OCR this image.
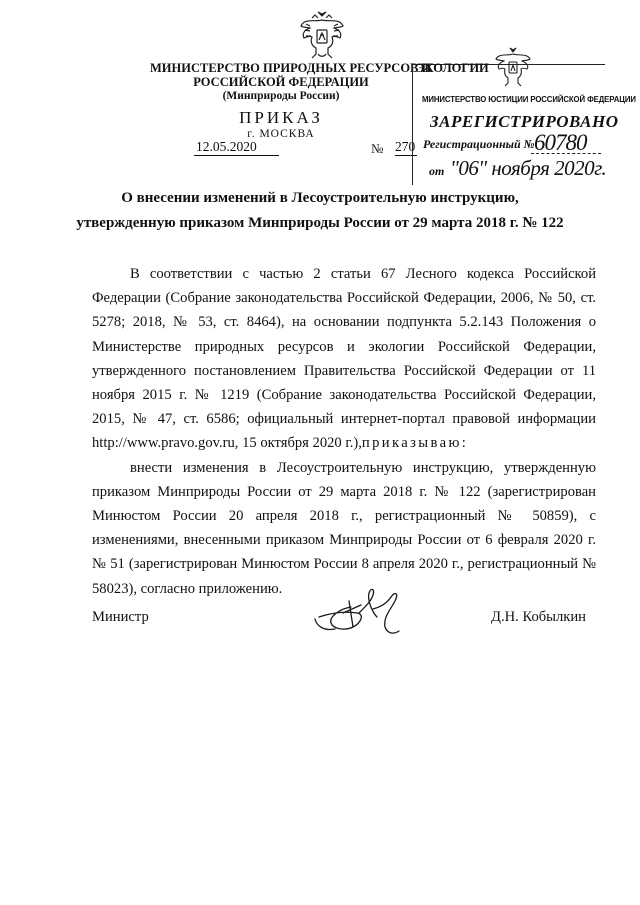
МИНИСТЕРСТВО ПРИРОДНЫХ РЕСУРСОВ И
РОССИЙСКОЙ ФЕДЕРАЦИИ
(Минприроды России)
ПРИКАЗ
г. МОСКВА
12.05.2020	№ 270
ЭКОЛОГИИ
МИНИСТЕРСТВО ЮСТИЦИИ РОССИЙСКОЙ ФЕДЕРАЦИИ
ЗАРЕГИСТРИРОВАНО
Регистрационный № 60780
от "06" ноября 2020г.
О внесении изменений в Лесоустроительную инструкцию,
утвержденную приказом Минприроды России от 29 марта 2018 г. № 122

В соответствии с частью 2 статьи 67 Лесного кодекса Российской Федерации (Собрание законодательства Российской Федерации, 2006, № 50, ст. 5278; 2018, № 53, ст. 8464), на основании подпункта 5.2.143 Положения о Министерстве природных ресурсов и экологии Российской Федерации, утвержденного постановлением Правительства Российской Федерации от 11 ноября 2015 г. № 1219 (Собрание законодательства Российской Федерации, 2015, № 47, ст. 6586; официальный интернет-портал правовой информации http://www.pravo.gov.ru, 15 октября 2020 г.),приказываю:

внести изменения в Лесоустроительную инструкцию, утвержденную приказом Минприроды России от 29 марта 2018 г. № 122 (зарегистрирован Минюстом России 20 апреля 2018 г., регистрационный № 50859), с изменениями, внесенными приказом Минприроды России от 6 февраля 2020 г. № 51 (зарегистрирован Минюстом России 8 апреля 2020 г., регистрационный № 58023), согласно приложению.

Министр	Д.Н. Кобылкин
